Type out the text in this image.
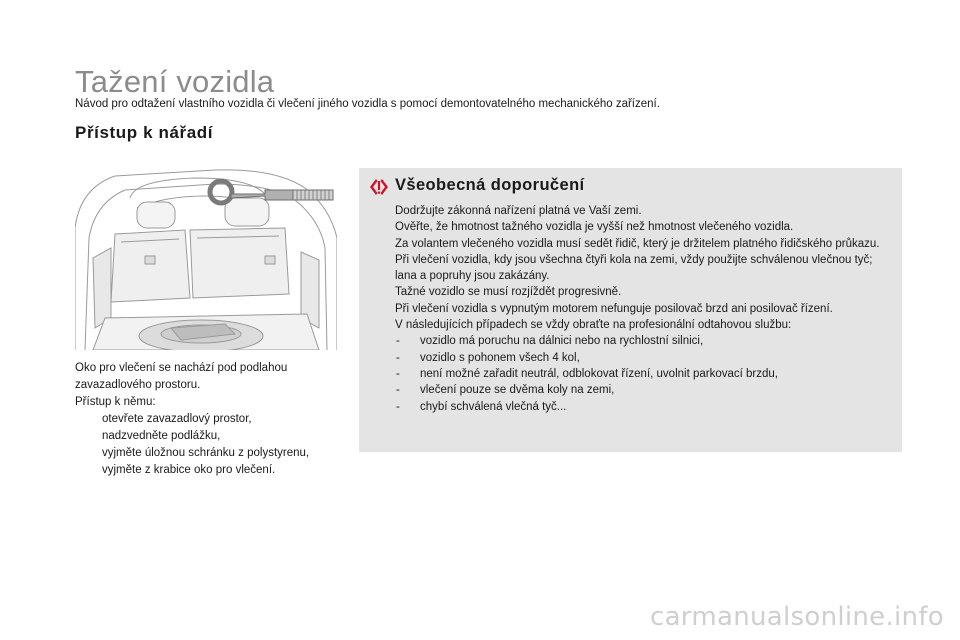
Tažení vozidla
Návod pro odtažení vlastního vozidla či vlečení jiného vozidla s pomocí demontovatelného mechanického zařízení.
Přístup k nářadí
Oko pro vlečení se nachází pod podlahou
zavazadlového prostoru.
Přístup k němu:
otevřete zavazadlový prostor,
nadzvedněte podlážku,
vyjměte úložnou schránku z polystyrenu,
vyjměte z krabice oko pro vlečení.
Všeobecná doporučení

Dodržujte zákonná nařízení platná ve Vaší zemi.

Ověřte, že hmotnost tažného vozidla je vyšší než hmotnost vlečeného vozidla.

Za volantem vlečeného vozidla musí sedět řidič, který je držitelem platného řidičského průkazu.

Při vlečení vozidla, kdy jsou všechna čtyři kola na zemi, vždy použijte schválenou vlečnou tyč; lana a popruhy jsou zakázány.

Tažné vozidlo se musí rozjíždět progresivně.

Při vlečení vozidla s vypnutým motorem nefunguje posilovač brzd ani posilovač řízení.

V následujících případech se vždy obraťte na profesionální odtahovou službu:

-	vozidlo má poruchu na dálnici nebo na rychlostní silnici,
-	vozidlo s pohonem všech 4 kol,
-	není možné zařadit neutrál, odblokovat řízení, uvolnit parkovací brzdu,
-	vlečení pouze se dvěma koly na zemi,
-	chybí schválená vlečná tyč...
carmanualsonline.info
